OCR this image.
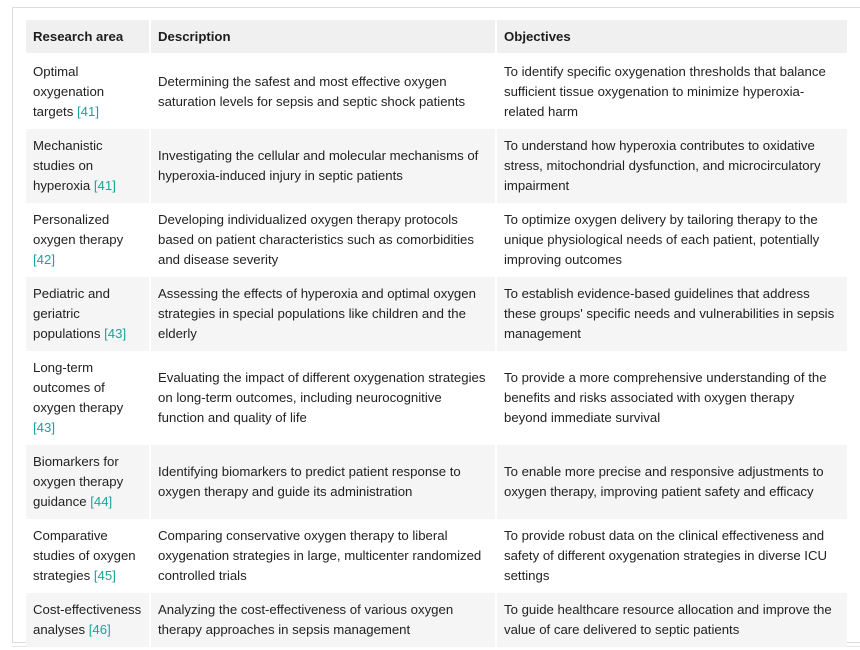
Research area	Description	Objectives
Optimal oxygenation targets [41]	Determining the safest and most effective oxygen saturation levels for sepsis and septic shock patients	To identify specific oxygenation thresholds that balance sufficient tissue oxygenation to minimize hyperoxia-related harm
Mechanistic studies on hyperoxia [41]	Investigating the cellular and molecular mechanisms of hyperoxia-induced injury in septic patients	To understand how hyperoxia contributes to oxidative stress, mitochondrial dysfunction, and microcirculatory impairment
Personalized oxygen therapy [42]	Developing individualized oxygen therapy protocols based on patient characteristics such as comorbidities and disease severity	To optimize oxygen delivery by tailoring therapy to the unique physiological needs of each patient, potentially improving outcomes
Pediatric and geriatric populations [43]	Assessing the effects of hyperoxia and optimal oxygen strategies in special populations like children and the elderly	To establish evidence-based guidelines that address these groups' specific needs and vulnerabilities in sepsis management
Long-term outcomes of oxygen therapy [43]	Evaluating the impact of different oxygenation strategies on long-term outcomes, including neurocognitive function and quality of life	To provide a more comprehensive understanding of the benefits and risks associated with oxygen therapy beyond immediate survival
Biomarkers for oxygen therapy guidance [44]	Identifying biomarkers to predict patient response to oxygen therapy and guide its administration	To enable more precise and responsive adjustments to oxygen therapy, improving patient safety and efficacy
Comparative studies of oxygen strategies [45]	Comparing conservative oxygen therapy to liberal oxygenation strategies in large, multicenter randomized controlled trials	To provide robust data on the clinical effectiveness and safety of different oxygenation strategies in diverse ICU settings
Cost-effectiveness analyses [46]	Analyzing the cost-effectiveness of various oxygen therapy approaches in sepsis management	To guide healthcare resource allocation and improve the value of care delivered to septic patients
